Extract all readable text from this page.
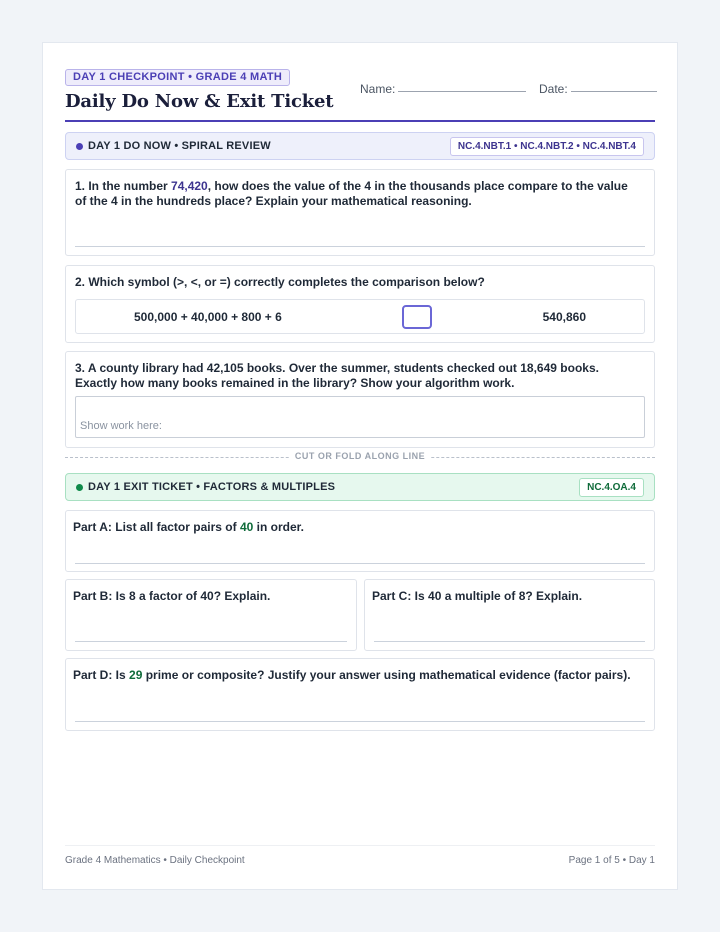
DAY 1 CHECKPOINT • GRADE 4 MATH
Daily Do Now & Exit Ticket
Name:	Date:
DAY 1 DO NOW • SPIRAL REVIEW	NC.4.NBT.1 • NC.4.NBT.2 • NC.4.NBT.4
1. In the number 74,420, how does the value of the 4 in the thousands place compare to the value of the 4 in the hundreds place? Explain your mathematical reasoning.
2. Which symbol (>, <, or =) correctly completes the comparison below?
500,000 + 40,000 + 800 + 6	540,860
3. A county library had 42,105 books. Over the summer, students checked out 18,649 books. Exactly how many books remained in the library? Show your algorithm work.
Show work here:
CUT OR FOLD ALONG LINE
DAY 1 EXIT TICKET • FACTORS & MULTIPLES	NC.4.OA.4
Part A: List all factor pairs of 40 in order.
Part B: Is 8 a factor of 40? Explain.	Part C: Is 40 a multiple of 8? Explain.
Part D: Is 29 prime or composite? Justify your answer using mathematical evidence (factor pairs).
Grade 4 Mathematics • Daily Checkpoint	Page 1 of 5 • Day 1
